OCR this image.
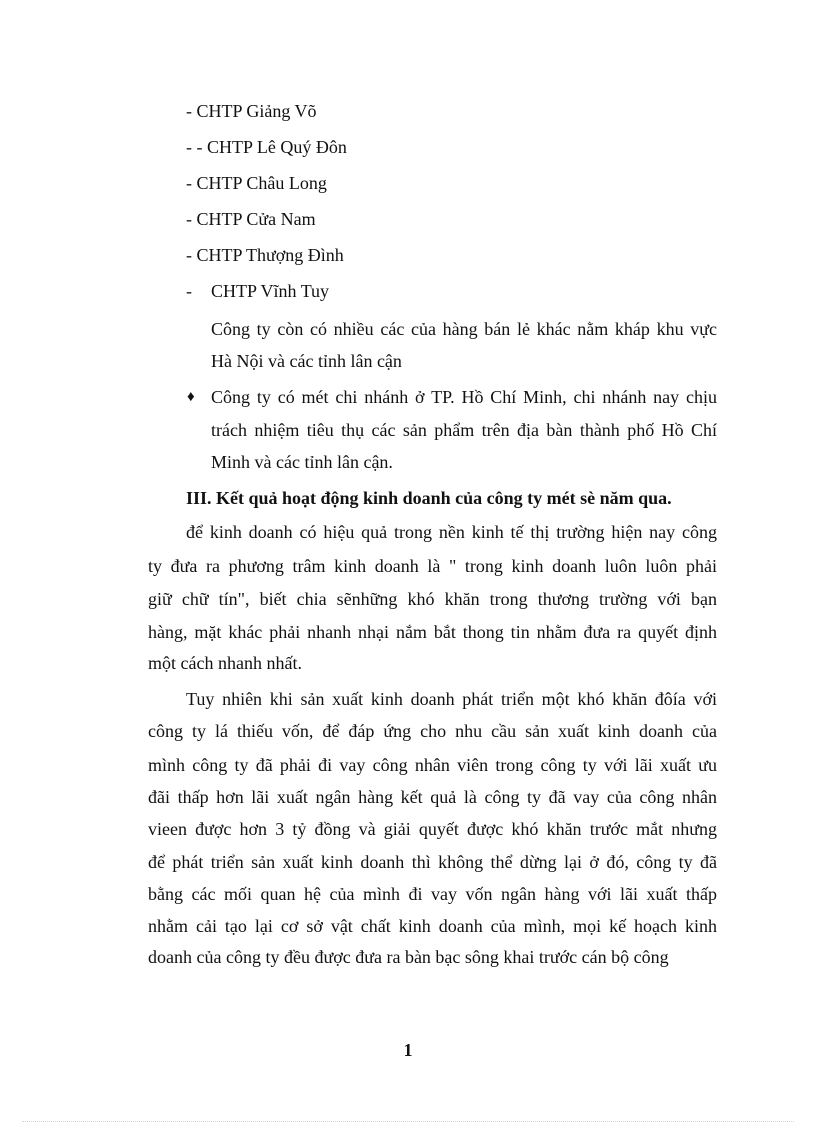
- CHTP Giảng Võ
- - CHTP Lê Quý Đôn
- CHTP Châu Long
- CHTP Cửa Nam
- CHTP Thượng Đình
- CHTP Vĩnh Tuy
Công ty còn có nhiều các của hàng bán lẻ khác nằm kháp khu vực
Hà Nội và các tỉnh lân cận
♦ Công ty có mét chi nhánh ở TP. Hồ Chí Minh, chi nhánh nay chịu
trách nhiệm tiêu thụ các sản phẩm trên địa bàn thành phố Hồ Chí
Minh và các tỉnh lân cận.
III. Kết quả hoạt động kinh doanh của công ty mét sè năm qua.
để kinh doanh có hiệu quả trong nền kinh tế thị trường hiện nay công
ty đưa ra phương trâm kinh doanh là " trong kinh doanh luôn luôn phải
giữ chữ tín", biết chia sẽnhững khó khăn trong thương trường với bạn
hàng, mặt khác phải nhanh nhại nắm bắt thong tin nhằm đưa ra quyết định
một cách nhanh nhất.
Tuy nhiên khi sản xuất kinh doanh phát triển một khó khăn đôía với
công ty lá thiếu vốn, để đáp ứng cho nhu cầu sản xuất kinh doanh của
mình công ty đã phải đi vay công nhân viên trong công ty với lãi xuất ưu
đãi thấp hơn lãi xuất ngân hàng kết quả là công ty đã vay của công nhân
vieen được hơn 3 tỷ đồng và giải quyết được khó khăn trước mắt nhưng
để phát triển sản xuất kinh doanh thì không thể dừng lại ở đó, công ty đã
bằng các mối quan hệ của mình đi vay vốn ngân hàng với lãi xuất thấp
nhằm cải tạo lại cơ sở vật chất kinh doanh của mình, mọi kế hoạch kinh
doanh của công ty đều được đưa ra bàn bạc sông khai trước cán bộ công
1
